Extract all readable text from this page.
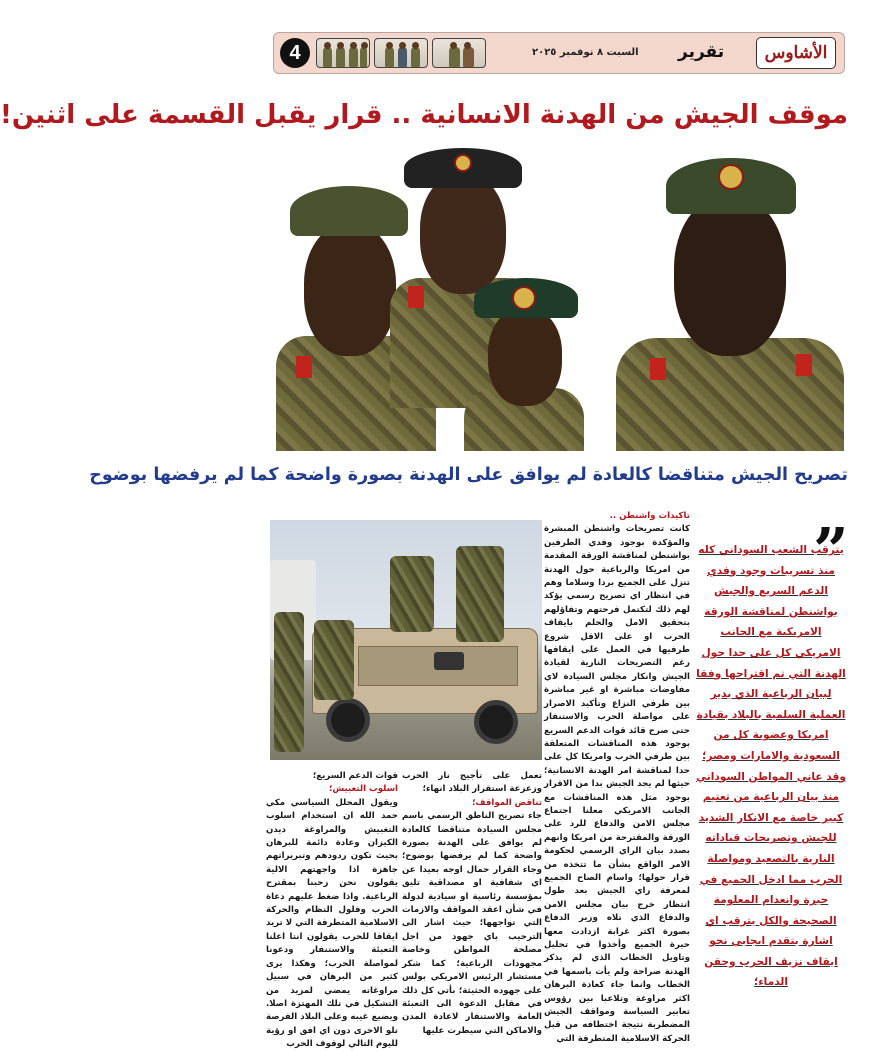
4	السبت ٨ نوفمبر ٢٠٢٥ تقرير	الأشاوس
موقف الجيش من الهدنة الانسانية .. قرار يقبل القسمة على اثنين!
تصريح الجيش متناقضا كالعادة لم يوافق على الهدنة بصورة واضحة كما لم يرفضها بوضوح
”
يترقب الشعب السوداني كله منذ تسريبات وجود وفدي الدعم السريع والجيش بواشنطن لمناقشة الورقة الامريكية مع الجانب الامريكي كل على حدا حول الهدنة التي تم اقتراحها وفقا لبيان الرباعية الذي يدير العملية السلمية بالبلاد بقيادة امريكا وعضوية كل من السعودية والامارات ومصر؛ وقد عاني المواطن السوداني منذ بيان الرباعية من تعتيم كبير خاصة مع الانكار الشديد للجيش وتصريحات قياداته النارية بالتصعيد ومواصلة الحرب مما ادخل الجميع في حيرة وانعدام المعلومة الصحيحة والكل يترقب اي اشارة بتقدم ايجابي نحو ايقاف نزيف الحرب وحقن الدماء؛

تاكيدات واشنطن ..

كانت تصريحات واشنطن المبشرة والمؤكدة بوجود وفدي الطرفين بواشنطن لمناقشة الورقة المقدمة من امريكا والرباعية حول الهدنة تنزل على الجميع بردا وسلاما وهم في انتظار اي تصريح رسمي يؤكد لهم ذلك لتكتمل فرحتهم وتفاؤلهم بتحقيق الامل والحلم بايقاف الحرب او على الاقل شروع طرفيها في العمل على ايقافها رغم التصريحات النارية لقيادة الجيش وانكار مجلس السيادة لاي مفاوضات مباشرة او غير مباشرة بين طرفي النزاع وتأكيد الاصرار على مواصلة الحرب والاستنفار حتى صرح قائد قوات الدعم السريع بوجود هذه المناقشات المتعلقة بين طرفي الحرب وامريكا كل على حدا لمناقشة امر الهدنة الانسانية؛ حيثها لم يجد الجيش بدا من الاقرار بوجود مثل هذه المناقشات مع الجانب الامريكي معلنا اجتماع مجلس الامن والدفاع للرد على الورقة والمقترحة من امريكا وانهم بصدد بيان الراي الرسمي لحكومة الامر الواقع بشأن ما تتخذه من قرار حولها؛ واسام الصاح الجميع لمعرفة راي الجيش بعد طول انتظار خرج بيان مجلس الامن والدفاع الذي تلاه وزير الدفاع بصورة اكثر غرابة ازدادت معها حيرة الجميع وأخذوا في تحليل وتاويل الخطاب الذي لم يذكر الهدنة صراحة ولم يأت باسمها في الخطاب وانما جاء كعادة البرهان اكثر مراوغة وتلاعبا بين رؤوس تعابير السياسة ومواقف الجيش المضطربة نتيجة اختطافه من قبل الحركة الاسلامية المتطرفة التي

تعمل على تأجيج نار الحرب وزعزعة استقرار البلاد انهاء؛

تناقض المواقف؛

جاء تصريح الناطق الرسمي باسم مجلس السيادة متناقضا كالعادة لم يوافق على الهدنة بصورة واضحة كما لم يرفضها بوضوح؛ وجاء القرار حمال اوجه بعيدا عن اي شفافية او مصداقية تليق بمؤسسة رئاسية او سيادية لدولة في شأن اعقد المواقف والازمات التي تواجهها؛ حيث اشار الى الترحيب باي جهود من اجل مصلحة المواطن وخاصة مجهودات الرباعية؛ كما شكر مستشار الرئيس الامريكي بولس على جهوده الحثيثة؛ بأتي كل ذلك في مقابل الدعوة الى التعبئة العامة والاستنفار لاعادة المدن والاماكن التي سيطرت عليها

قوات الدعم السريع؛

اسلوب التغبيش؛

ويقول المحلل السياسي مكي حمد الله ان استخدام اسلوب التغبيش والمراوغة ديدن الكيزان وعادة دائمة للبرهان بحيث تكون ردودهم وتبريراتهم جاهزة اذا واجهتهم الالية يقولون نحن رحبنا بمقترح الرباعية. واذا ضغط عليهم دعاة الحرب وفلول النظام والحركة الاسلامية المتطرفة التي لا تريد ايقافا للحرب يقولون انتا اعلنا التعبئة والاستنفار ودعونا لمواصلة الحرب؛ وهكذا يرى كثير من البرهان في سبيل مراوغاته يمضي لمزيد من التشكيل في تلك المهتزة اصلا. ويضيع غيبه وعلى البلاد الفرصة تلو الاخرى دون اي افق او رؤية لليوم التالي لوقوف الحرب
